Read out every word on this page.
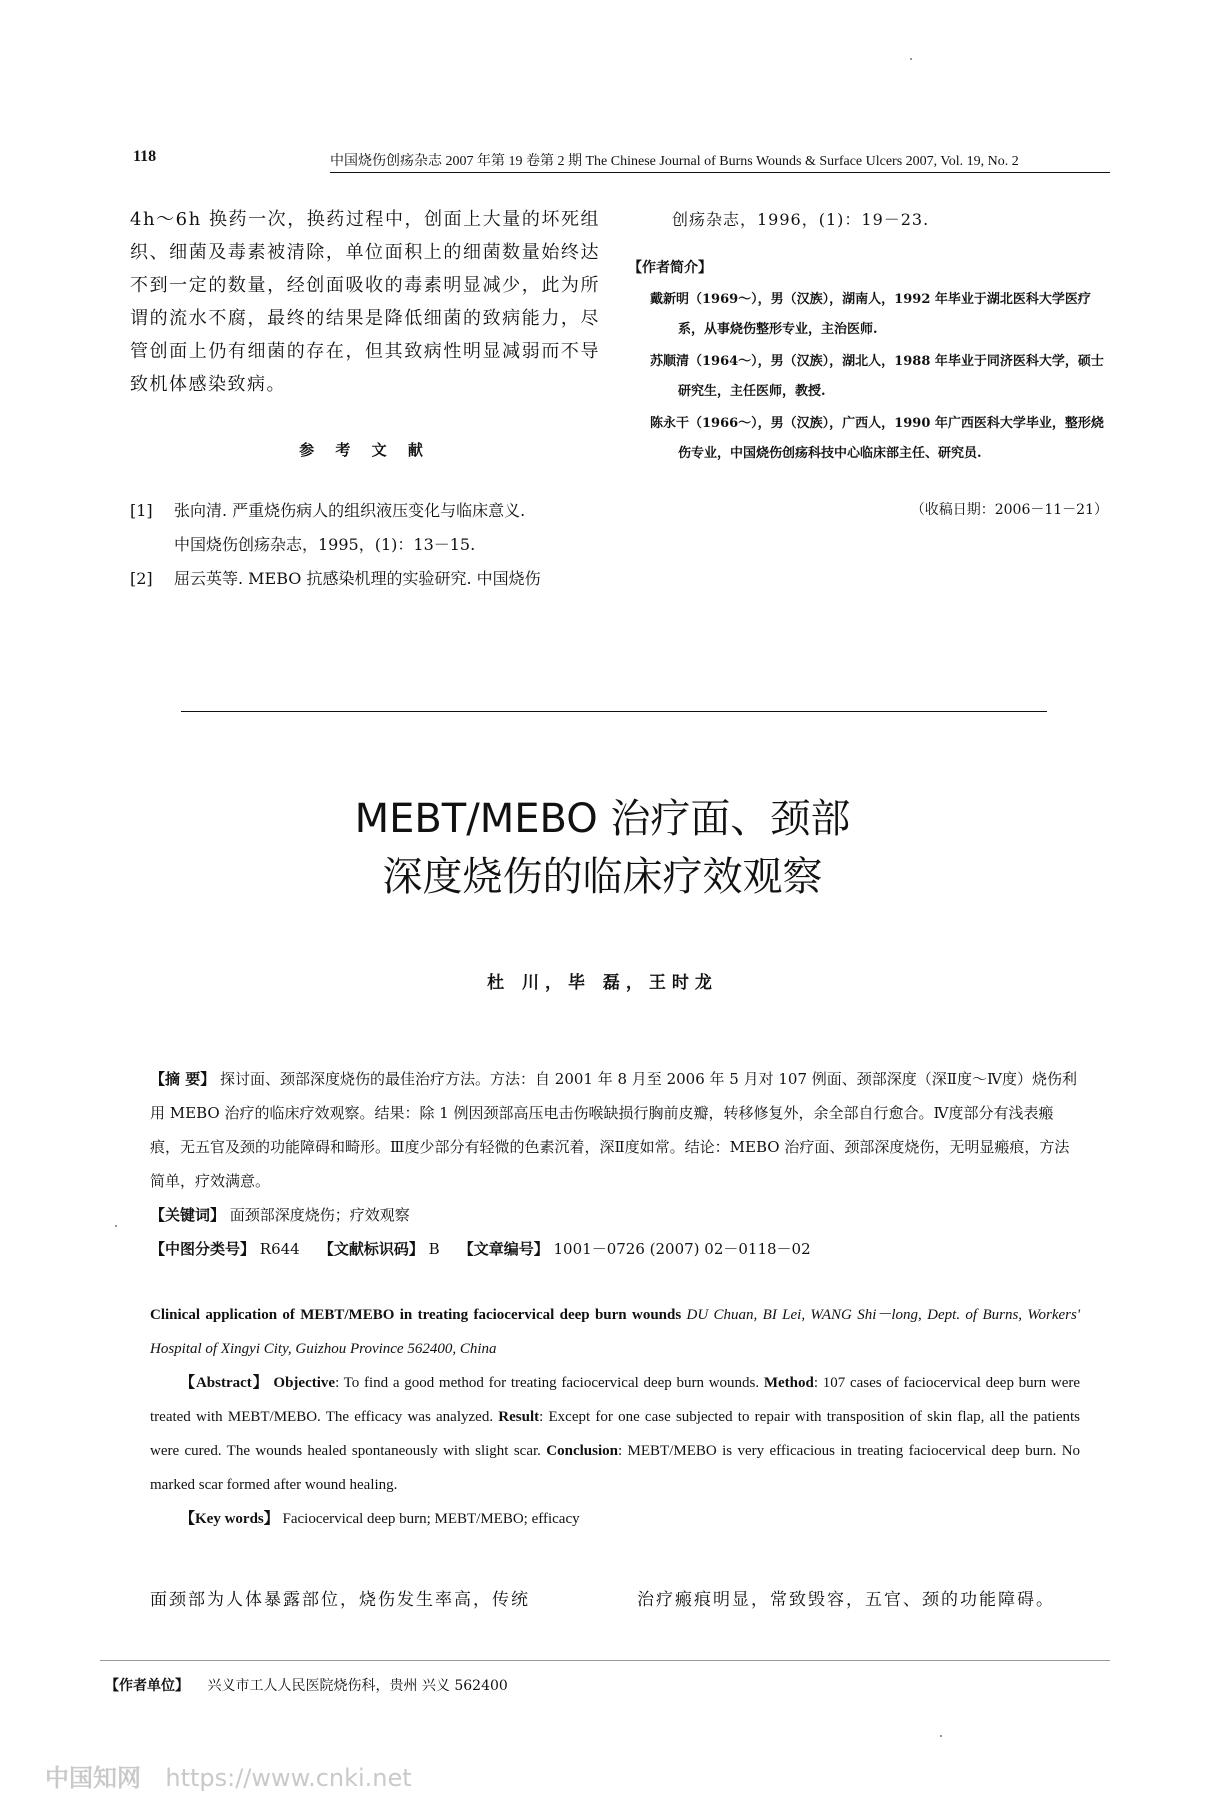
118	中国烧伤创疡杂志 2007 年第 19 卷第 2 期 The Chinese Journal of Burns Wounds & Surface Ulcers 2007, Vol. 19, No. 2

4h～6h 换药一次，换药过程中，创面上大量的坏死组织、细菌及毒素被清除，单位面积上的细菌数量始终达不到一定的数量，经创面吸收的毒素明显减少，此为所谓的流水不腐，最终的结果是降低细菌的致病能力，尽管创面上仍有细菌的存在，但其致病性明显减弱而不导致机体感染致病。

参 考 文 献

[1]	张向清. 严重烧伤病人的组织液压变化与临床意义.

中国烧伤创疡杂志，1995，(1)：13－15.

[2]	屈云英等. MEBO 抗感染机理的实验研究. 中国烧伤

创疡杂志，1996，(1)：19－23.

【作者简介】

戴新明（1969～），男（汉族），湖南人，1992 年毕业于湖北医科大学医疗系，从事烧伤整形专业，主治医师.

苏顺清（1964～），男（汉族），湖北人，1988 年毕业于同济医科大学，硕士研究生，主任医师，教授.

陈永干（1966～），男（汉族），广西人，1990 年广西医科大学毕业，整形烧伤专业，中国烧伤创疡科技中心临床部主任、研究员.

（收稿日期：2006－11－21）
MEBT/MEBO 治疗面、颈部
深度烧伤的临床疗效观察
杜 川，毕 磊，王时龙

【摘 要】 探讨面、颈部深度烧伤的最佳治疗方法。方法：自 2001 年 8 月至 2006 年 5 月对 107 例面、颈部深度（深Ⅱ度～Ⅳ度）烧伤利用 MEBO 治疗的临床疗效观察。结果：除 1 例因颈部高压电击伤喉缺损行胸前皮瓣，转移修复外，余全部自行愈合。Ⅳ度部分有浅表瘢痕，无五官及颈的功能障碍和畸形。Ⅲ度少部分有轻微的色素沉着，深Ⅱ度如常。结论：MEBO 治疗面、颈部深度烧伤，无明显瘢痕，方法简单，疗效满意。

【关键词】 面颈部深度烧伤；疗效观察

【中图分类号】 R644 【文献标识码】 B 【文章编号】 1001－0726 (2007) 02－0118－02

Clinical application of MEBT/MEBO in treating faciocervical deep burn wounds DU Chuan, BI Lei, WANG Shi－long, Dept. of Burns, Workers' Hospital of Xingyi City, Guizhou Province 562400, China

【Abstract】 Objective: To find a good method for treating faciocervical deep burn wounds. Method: 107 cases of faciocervical deep burn were treated with MEBT/MEBO. The efficacy was analyzed. Result: Except for one case subjected to repair with transposition of skin flap, all the patients were cured. The wounds healed spontaneously with slight scar. Conclusion: MEBT/MEBO is very efficacious in treating faciocervical deep burn. No marked scar formed after wound healing.

【Key words】 Faciocervical deep burn; MEBT/MEBO; efficacy

面颈部为人体暴露部位，烧伤发生率高，传统	治疗瘢痕明显，常致毁容，五官、颈的功能障碍。
【作者单位】 兴义市工人人民医院烧伤科，贵州 兴义 562400
中国知网 https://www.cnki.net
